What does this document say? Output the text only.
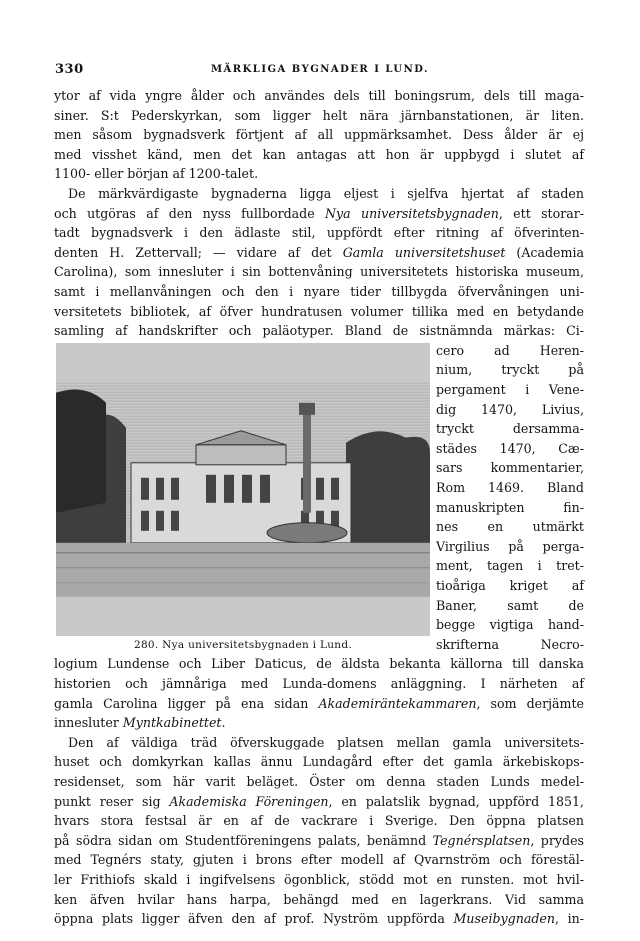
330	MÄRKLIGA BYGNADER I LUND.
ytor af vida yngre ålder och användes dels till boningsrum, dels till maga-
siner. S:t Pederskyrkan, som ligger helt nära järnbanstationen, är liten.
men såsom bygnadsverk förtjent af all uppmärksamhet. Dess ålder är ej
med visshet känd, men det kan antagas att hon är uppbygd i slutet af
1100- eller början af 1200-talet.
De märkvärdigaste bygnaderna ligga eljest i sjelfva hjertat af staden
och utgöras af den nyss fullbordade Nya universitetsbygnaden, ett storar-
tadt bygnadsverk i den ädlaste stil, uppfördt efter ritning af öfverinten-
denten H. Zettervall; — vidare af det Gamla universitetshuset (Academia
Carolina), som innesluter i sin bottenvåning universitetets historiska museum,
samt i mellanvåningen och den i nyare tider tillbygda öfvervåningen uni-
versitetets bibliotek, af öfver hundratusen volumer tillika med en betydande
samling af handskrifter och paläotyper. Bland de sistnämnda märkas: Ci-
280. Nya universitetsbygnaden i Lund.
cero ad Heren-
nium, tryckt på
pergament i Vene-
dig 1470, Livius,
tryckt dersamma-
städes 1470, Cæ-
sars kommentarier,
Rom 1469. Bland
manuskripten fin-
nes en utmärkt
Virgilius på perga-
ment, tagen i tret-
tioåriga kriget af
Baner, samt de
begge vigtiga hand-
skrifterna Necro-
logium Lundense och Liber Daticus, de äldsta bekanta källorna till danska
historien och jämnåriga med Lunda-domens anläggning. I närheten af
gamla Carolina ligger på ena sidan Akademiräntekammaren, som derjämte
innesluter Myntkabinettet.
Den af väldiga träd öfverskuggade platsen mellan gamla universitets-
huset och domkyrkan kallas ännu Lundagård efter det gamla ärkebiskops-
residenset, som här varit beläget. Öster om denna staden Lunds medel-
punkt reser sig Akademiska Föreningen, en palatslik bygnad, uppförd 1851,
hvars stora festsal är en af de vackrare i Sverige. Den öppna platsen
på södra sidan om Studentföreningens palats, benämnd Tegnérsplatsen, prydes
med Tegnérs staty, gjuten i brons efter modell af Qvarnström och förestäl-
ler Frithiofs skald i ingifvelsens ögonblick, stödd mot en runsten. mot hvil-
ken äfven hvilar hans harpa, behängd med en lagerkrans. Vid samma
öppna plats ligger äfven den af prof. Nyström uppförda Museibygnaden, in-
